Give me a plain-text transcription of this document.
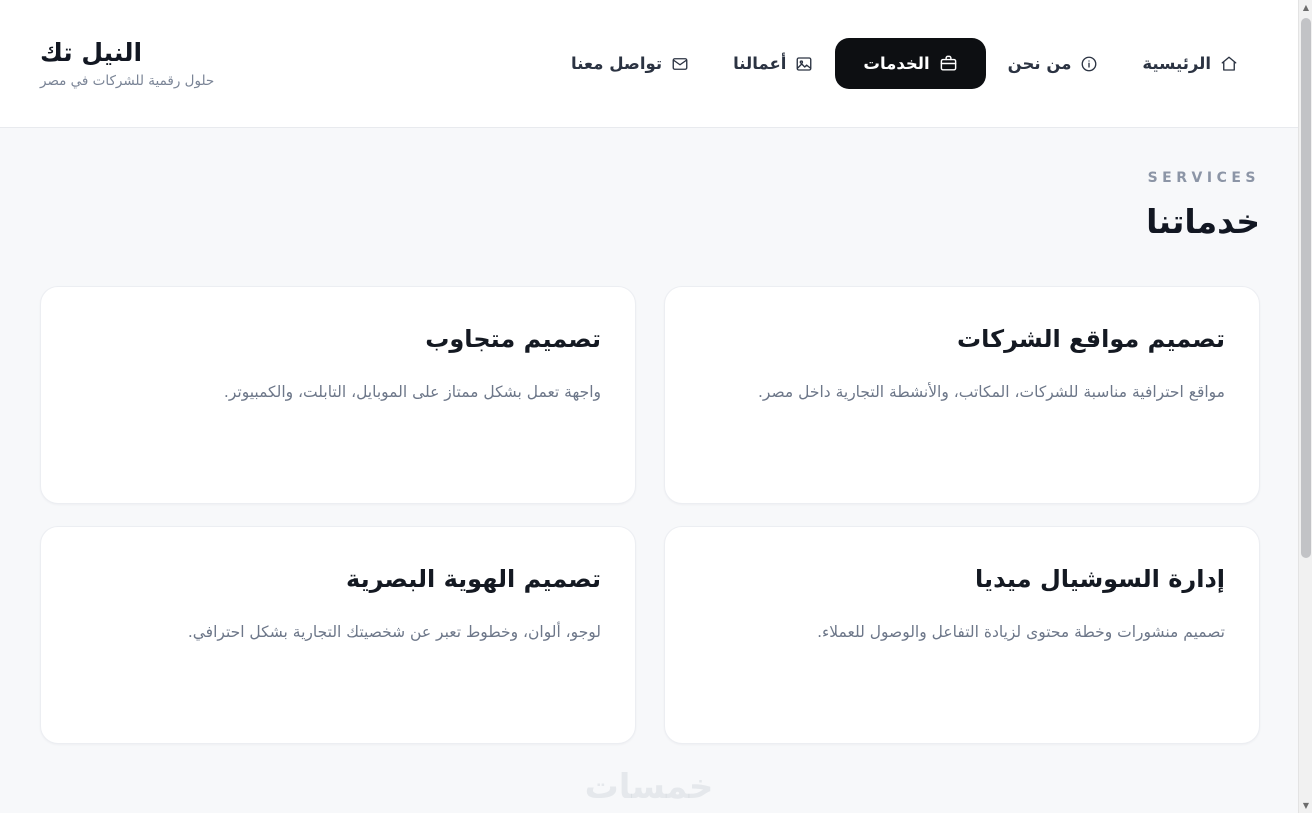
الرئيسية
من نحن
الخدمات
أعمالنا
تواصل معنا
النيل تك
حلول رقمية للشركات في مصر
SERVICES
خدماتنا
تصميم مواقع الشركات
مواقع احترافية مناسبة للشركات، المكاتب، والأنشطة التجارية داخل مصر.
تصميم متجاوب
واجهة تعمل بشكل ممتاز على الموبايل، التابلت، والكمبيوتر.
إدارة السوشيال ميديا
تصميم منشورات وخطة محتوى لزيادة التفاعل والوصول للعملاء.
تصميم الهوية البصرية
لوجو، ألوان، وخطوط تعبر عن شخصيتك التجارية بشكل احترافي.
خمسات
▲
▼
